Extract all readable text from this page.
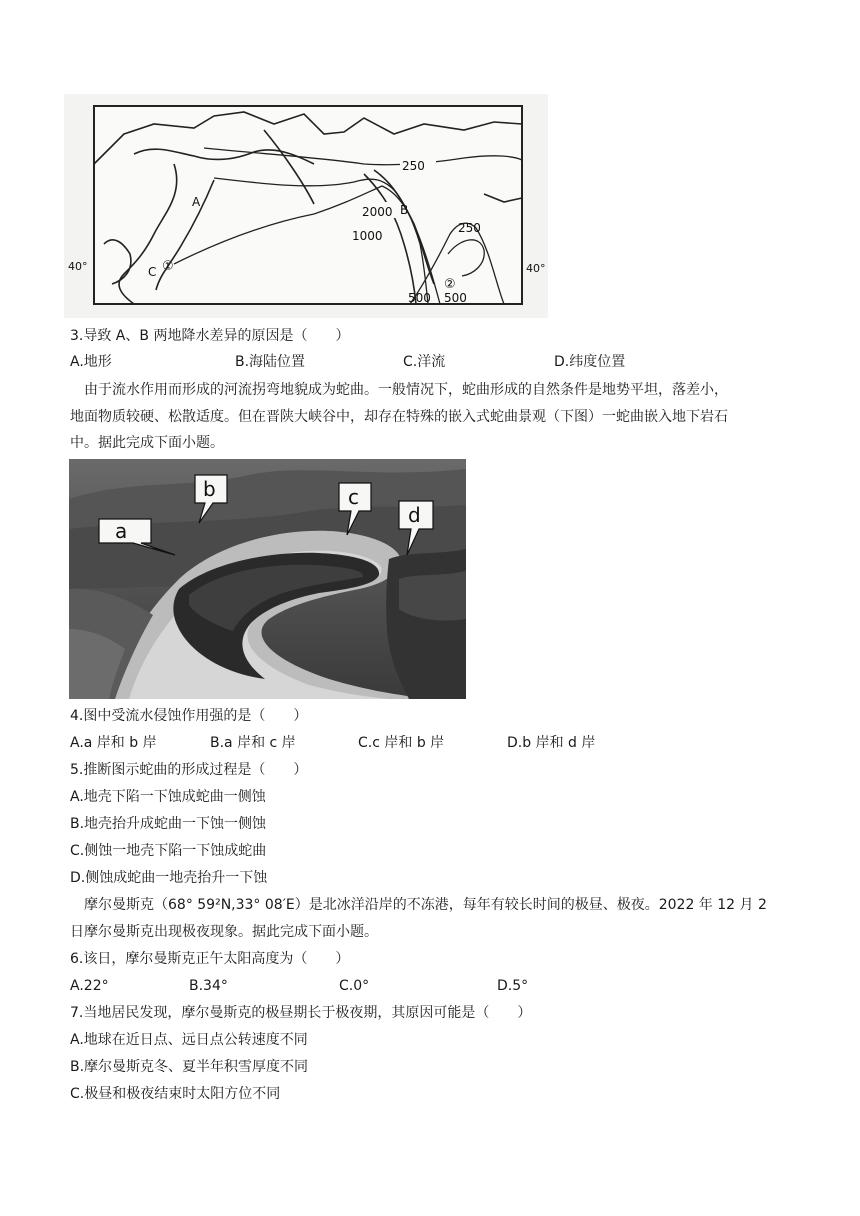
250
2000
1000
250
500 500
A
B
C ①
②
40°	40°
3.导致 A、B 两地降水差异的原因是（　　）
A.地形	B.海陆位置	C.洋流	D.纬度位置
由于流水作用而形成的河流拐弯地貌成为蛇曲。一般情况下，蛇曲形成的自然条件是地势平坦，落差小，
地面物质较硬、松散适度。但在晋陕大峡谷中，却存在特殊的嵌入式蛇曲景观（下图）一蛇曲嵌入地下岩石
中。据此完成下面小题。
a
b	c
d
4.图中受流水侵蚀作用强的是（　　）
A.a 岸和 b 岸	B.a 岸和 c 岸	C.c 岸和 b 岸	D.b 岸和 d 岸
5.推断图示蛇曲的形成过程是（　　）
A.地壳下陷一下蚀成蛇曲一侧蚀
B.地壳抬升成蛇曲一下蚀一侧蚀
C.侧蚀一地壳下陷一下蚀成蛇曲
D.侧蚀成蛇曲一地壳抬升一下蚀
摩尔曼斯克（68° 59²N,33° 08′E）是北冰洋沿岸的不冻港，每年有较长时间的极昼、极夜。2022 年 12 月 2
日摩尔曼斯克出现极夜现象。据此完成下面小题。
6.该日，摩尔曼斯克正午太阳高度为（　　）
A.22°	B.34°	C.0°	D.5°
7.当地居民发现，摩尔曼斯克的极昼期长于极夜期，其原因可能是（　　）
A.地球在近日点、远日点公转速度不同
B.摩尔曼斯克冬、夏半年积雪厚度不同
C.极昼和极夜结束时太阳方位不同
